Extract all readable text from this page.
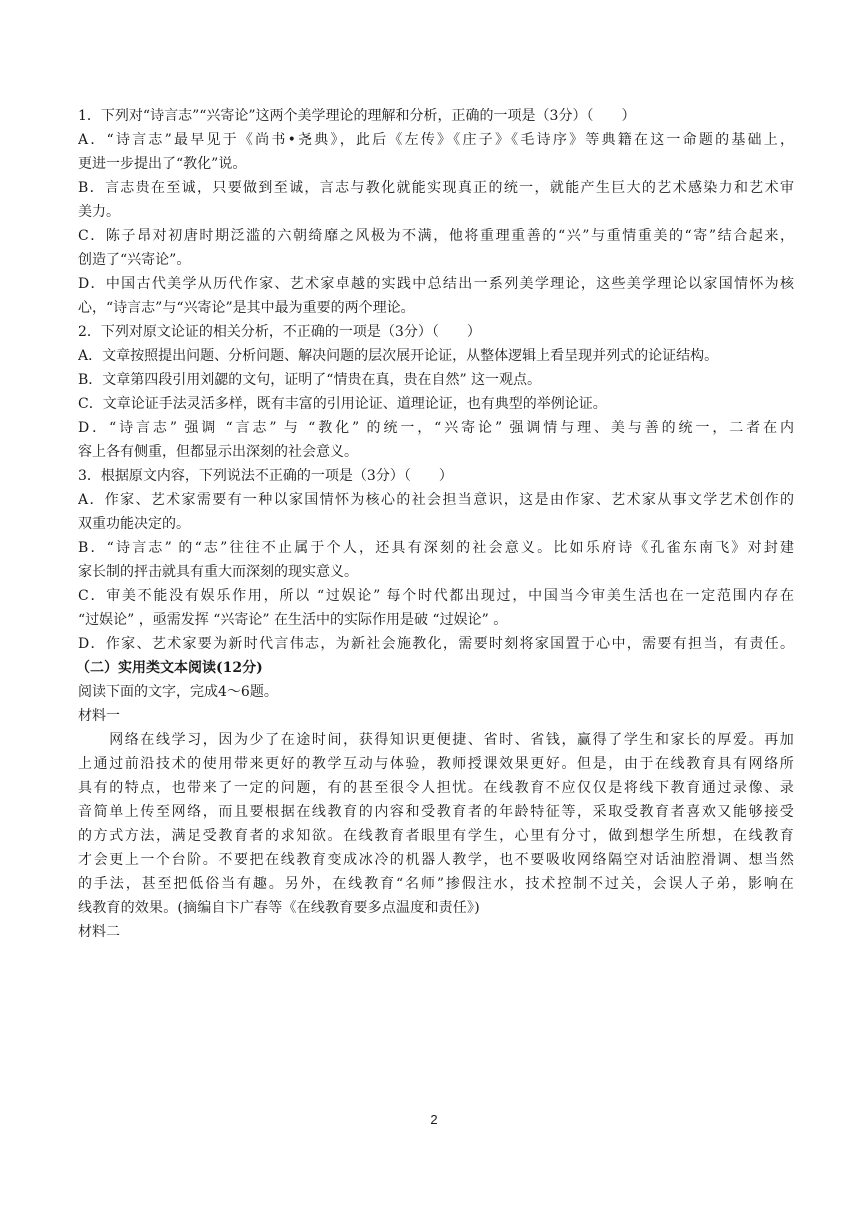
1．下列对“诗言志”“兴寄论”这两个美学理论的理解和分析，正确的一项是（3分）（　　）
A．“诗言志”最早见于《尚书•尧典》，此后《左传》《庄子》《毛诗序》等典籍在这一命题的基础上，
更进一步提出了“教化”说。
B．言志贵在至诚，只要做到至诚，言志与教化就能实现真正的统一，就能产生巨大的艺术感染力和艺术审
美力。
C．陈子昂对初唐时期泛滥的六朝绮靡之风极为不满，他将重理重善的“兴”与重情重美的“寄”结合起来，
创造了“兴寄论”。
D．中国古代美学从历代作家、艺术家卓越的实践中总结出一系列美学理论，这些美学理论以家国情怀为核
心，“诗言志”与“兴寄论”是其中最为重要的两个理论。
2．下列对原文论证的相关分析，不正确的一项是（3分）（　　）
A．文章按照提出问题、分析问题、解决问题的层次展开论证，从整体逻辑上看呈现并列式的论证结构。
B．文章第四段引用刘勰的文句，证明了“情贵在真，贵在自然” 这一观点。
C．文章论证手法灵活多样，既有丰富的引用论证、道理论证，也有典型的举例论证。
D．“诗言志” 强调 “言志” 与 “教化” 的统一，“兴寄论” 强调情与理、美与善的统一，二者在内
容上各有侧重，但都显示出深刻的社会意义。
3．根据原文内容，下列说法不正确的一项是（3分）（　　）
A．作家、艺术家需要有一种以家国情怀为核心的社会担当意识，这是由作家、艺术家从事文学艺术创作的
双重功能决定的。
B．“诗言志” 的“志”往往不止属于个人，还具有深刻的社会意义。比如乐府诗《孔雀东南飞》对封建
家长制的抨击就具有重大而深刻的现实意义。
C．审美不能没有娱乐作用，所以 “过娱论” 每个时代都出现过，中国当今审美生活也在一定范围内存在
“过娱论” ，亟需发挥 “兴寄论” 在生活中的实际作用是破 “过娱论” 。
D．作家、艺术家要为新时代言伟志，为新社会施教化，需要时刻将家国置于心中，需要有担当，有责任。
（二）实用类文本阅读(12分)
阅读下面的文字，完成4～6题。
材料一
　　网络在线学习，因为少了在途时间，获得知识更便捷、省时、省钱，赢得了学生和家长的厚爱。再加
上通过前沿技术的使用带来更好的教学互动与体验，教师授课效果更好。但是，由于在线教育具有网络所
具有的特点，也带来了一定的问题，有的甚至很令人担忧。在线教育不应仅仅是将线下教育通过录像、录
音简单上传至网络，而且要根据在线教育的内容和受教育者的年龄特征等，采取受教育者喜欢又能够接受
的方式方法，满足受教育者的求知欲。在线教育者眼里有学生，心里有分寸，做到想学生所想，在线教育
才会更上一个台阶。不要把在线教育变成冰冷的机器人教学，也不要吸收网络隔空对话油腔滑调、想当然
的手法，甚至把低俗当有趣。另外，在线教育“名师”掺假注水，技术控制不过关，会误人子弟，影响在
线教育的效果。(摘编自卞广春等《在线教育要多点温度和责任》)
材料二
2
